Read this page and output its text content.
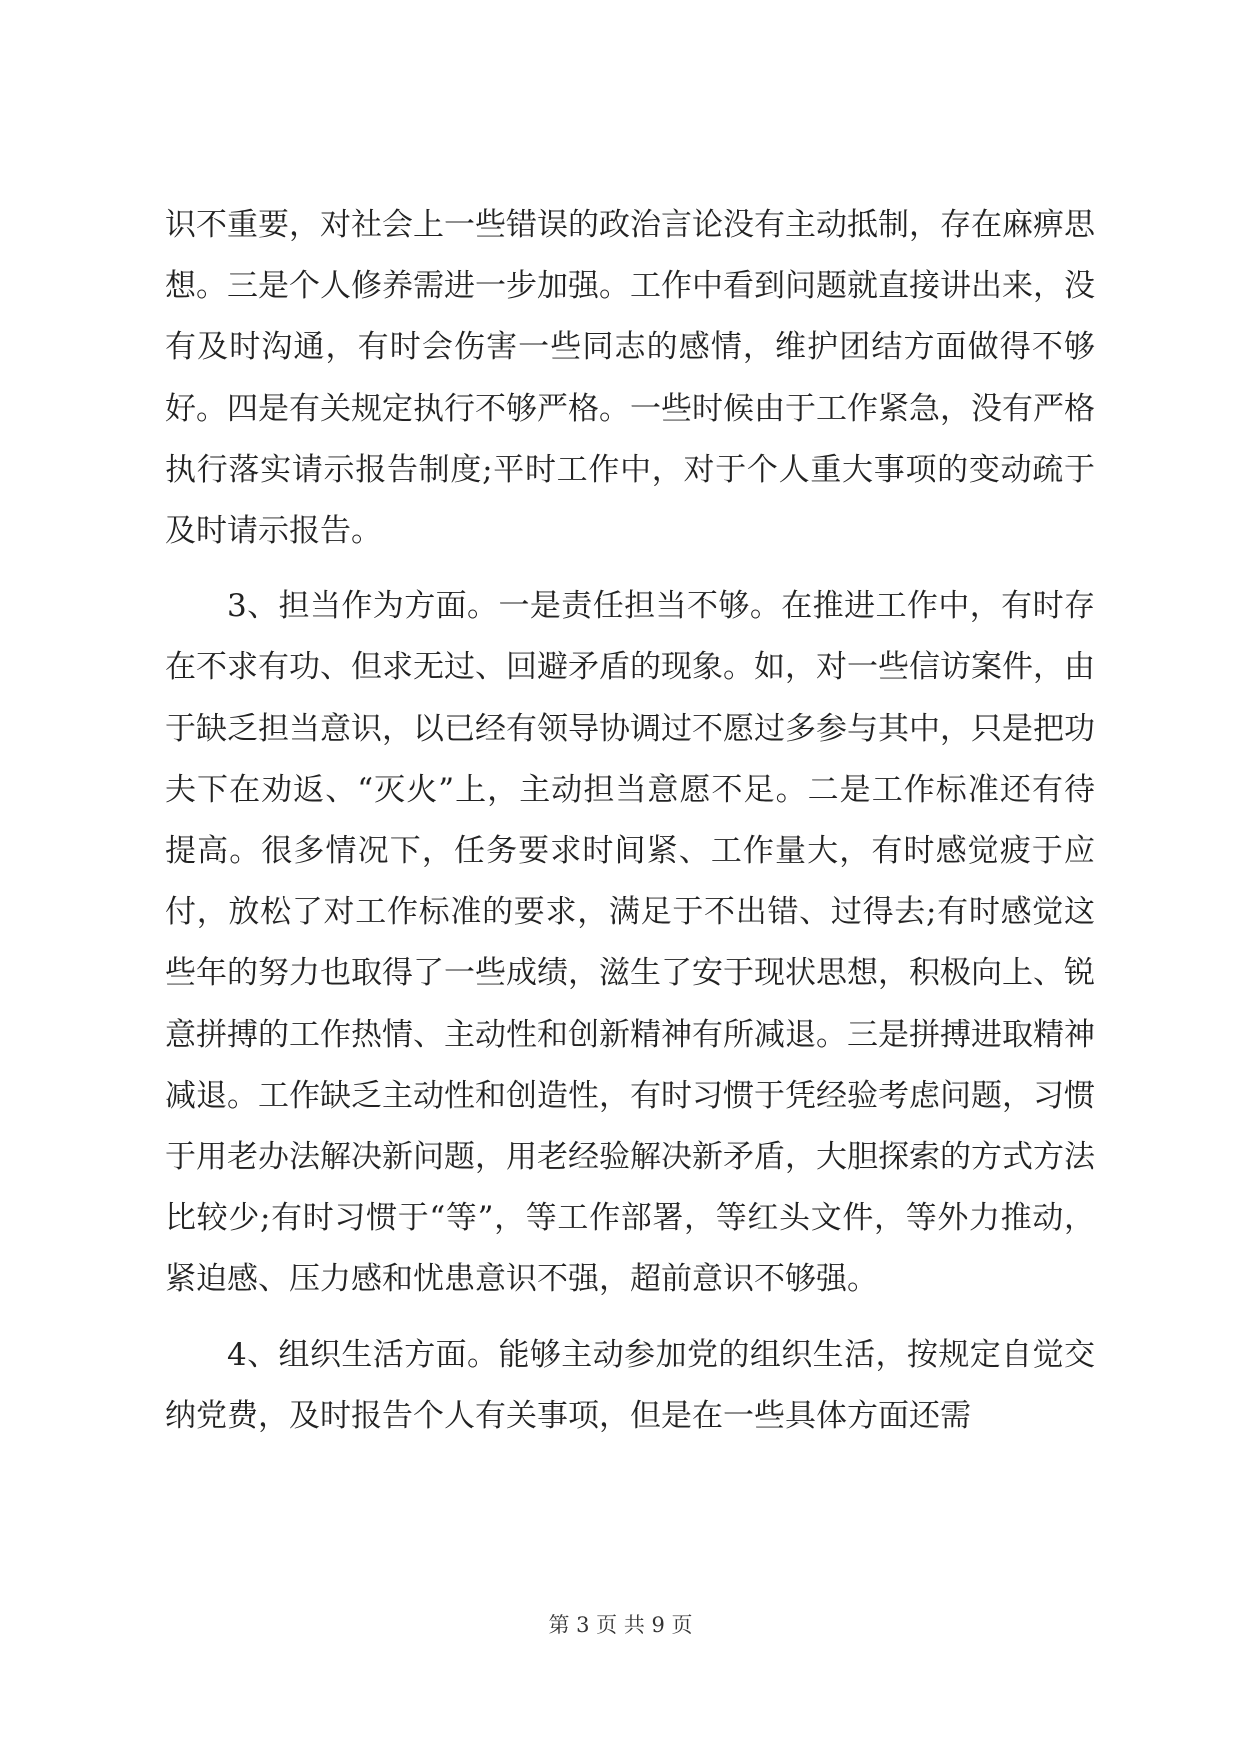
识不重要，对社会上一些错误的政治言论没有主动抵制，存在麻痹思想。三是个人修养需进一步加强。工作中看到问题就直接讲出来，没有及时沟通，有时会伤害一些同志的感情，维护团结方面做得不够好。四是有关规定执行不够严格。一些时候由于工作紧急，没有严格执行落实请示报告制度;平时工作中，对于个人重大事项的变动疏于及时请示报告。

3、担当作为方面。一是责任担当不够。在推进工作中，有时存在不求有功、但求无过、回避矛盾的现象。如，对一些信访案件，由于缺乏担当意识，以已经有领导协调过不愿过多参与其中，只是把功夫下在劝返、“灭火”上，主动担当意愿不足。二是工作标准还有待提高。很多情况下，任务要求时间紧、工作量大，有时感觉疲于应付，放松了对工作标准的要求，满足于不出错、过得去;有时感觉这些年的努力也取得了一些成绩，滋生了安于现状思想，积极向上、锐意拼搏的工作热情、主动性和创新精神有所减退。三是拼搏进取精神减退。工作缺乏主动性和创造性，有时习惯于凭经验考虑问题，习惯于用老办法解决新问题，用老经验解决新矛盾，大胆探索的方式方法比较少;有时习惯于“等”，等工作部署，等红头文件，等外力推动，紧迫感、压力感和忧患意识不强，超前意识不够强。

4、组织生活方面。能够主动参加党的组织生活，按规定自觉交纳党费，及时报告个人有关事项，但是在一些具体方面还需

第 3 页 共 9 页
